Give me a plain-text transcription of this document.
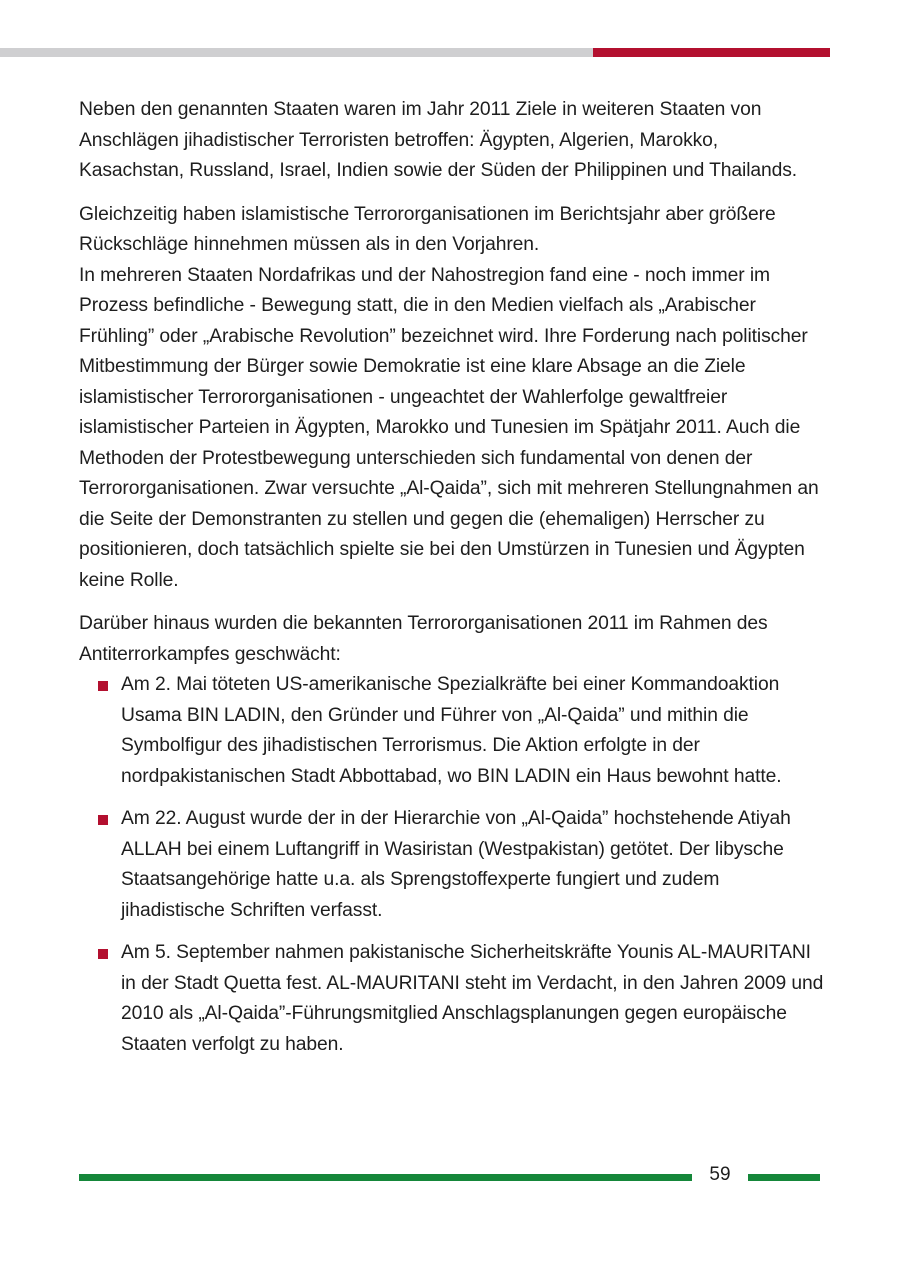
Neben den genannten Staaten waren im Jahr 2011 Ziele in weiteren Staaten von Anschlägen jihadistischer Terroristen betroffen: Ägypten, Algerien, Marokko, Kasachstan, Russland, Israel, Indien sowie der Süden der Philippinen und Thailands.

Gleichzeitig haben islamistische Terrororganisationen im Berichtsjahr aber größere Rückschläge hinnehmen müssen als in den Vorjahren.

In mehreren Staaten Nordafrikas und der Nahostregion fand eine - noch immer im Prozess befindliche - Bewegung statt, die in den Medien vielfach als „Arabischer Frühling” oder „Arabische Revolution” bezeichnet wird. Ihre Forderung nach politischer Mitbestimmung der Bürger sowie Demokratie ist eine klare Absage an die Ziele islamistischer Terrororganisationen - ungeachtet der Wahlerfolge gewaltfreier islamistischer Parteien in Ägypten, Marokko und Tunesien im Spätjahr 2011. Auch die Methoden der Protestbewegung unterschieden sich fundamental von denen der Terrororganisationen. Zwar versuchte „Al-Qaida”, sich mit mehreren Stellungnahmen an die Seite der Demonstranten zu stellen und gegen die (ehemaligen) Herrscher zu positionieren, doch tatsächlich spielte sie bei den Umstürzen in Tunesien und Ägypten keine Rolle.

Darüber hinaus wurden die bekannten Terrororganisationen 2011 im Rahmen des Antiterrorkampfes geschwächt:

Am 2. Mai töteten US-amerikanische Spezialkräfte bei einer Kommandoaktion Usama BIN LADIN, den Gründer und Führer von „Al-Qaida” und mithin die Symbolfigur des jihadistischen Terrorismus. Die Aktion erfolgte in der nordpakistanischen Stadt Abbottabad, wo BIN LADIN ein Haus bewohnt hatte.
Am 22. August wurde der in der Hierarchie von „Al-Qaida” hochstehende Atiyah ALLAH bei einem Luftangriff in Wasiristan (Westpakistan) getötet. Der libysche Staatsangehörige hatte u.a. als Sprengstoffexperte fungiert und zudem jihadistische Schriften verfasst.
Am 5. September nahmen pakistanische Sicherheitskräfte Younis AL-MAURITANI in der Stadt Quetta fest. AL-MAURITANI steht im Verdacht, in den Jahren 2009 und 2010 als „Al-Qaida”-Führungsmitglied Anschlagsplanungen gegen europäische Staaten verfolgt zu haben.
59
